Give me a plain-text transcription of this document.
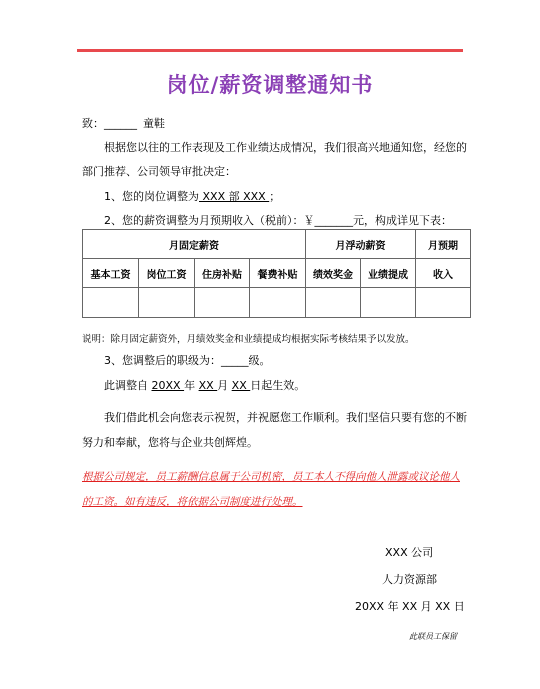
岗位/薪资调整通知书
致：______ 童鞋
根据您以往的工作表现及工作业绩达成情况，我们很高兴地通知您，经您的
部门推荐、公司领导审批决定：
1、您的岗位调整为 XXX 部 XXX ；
2、您的薪资调整为月预期收入（税前）：￥_______元，构成详见下表：
月固定薪资				月浮动薪资		月预期
基本工资	岗位工资	住房补贴	餐费补贴	绩效奖金	业绩提成	收入

说明：除月固定薪资外，月绩效奖金和业绩提成均根据实际考核结果予以发放。
3、您调整后的职级为：_____级。
此调整自 20XX 年 XX 月 XX 日起生效。
我们借此机会向您表示祝贺，并祝愿您工作顺利。我们坚信只要有您的不断
努力和奉献，您将与企业共创辉煌。
根据公司规定，员工薪酬信息属于公司机密，员工本人不得向他人泄露或议论他人
的工资。如有违反，将依据公司制度进行处理。
XXX 公司
人力资源部
20XX 年 XX 月 XX 日
此联员工保留
